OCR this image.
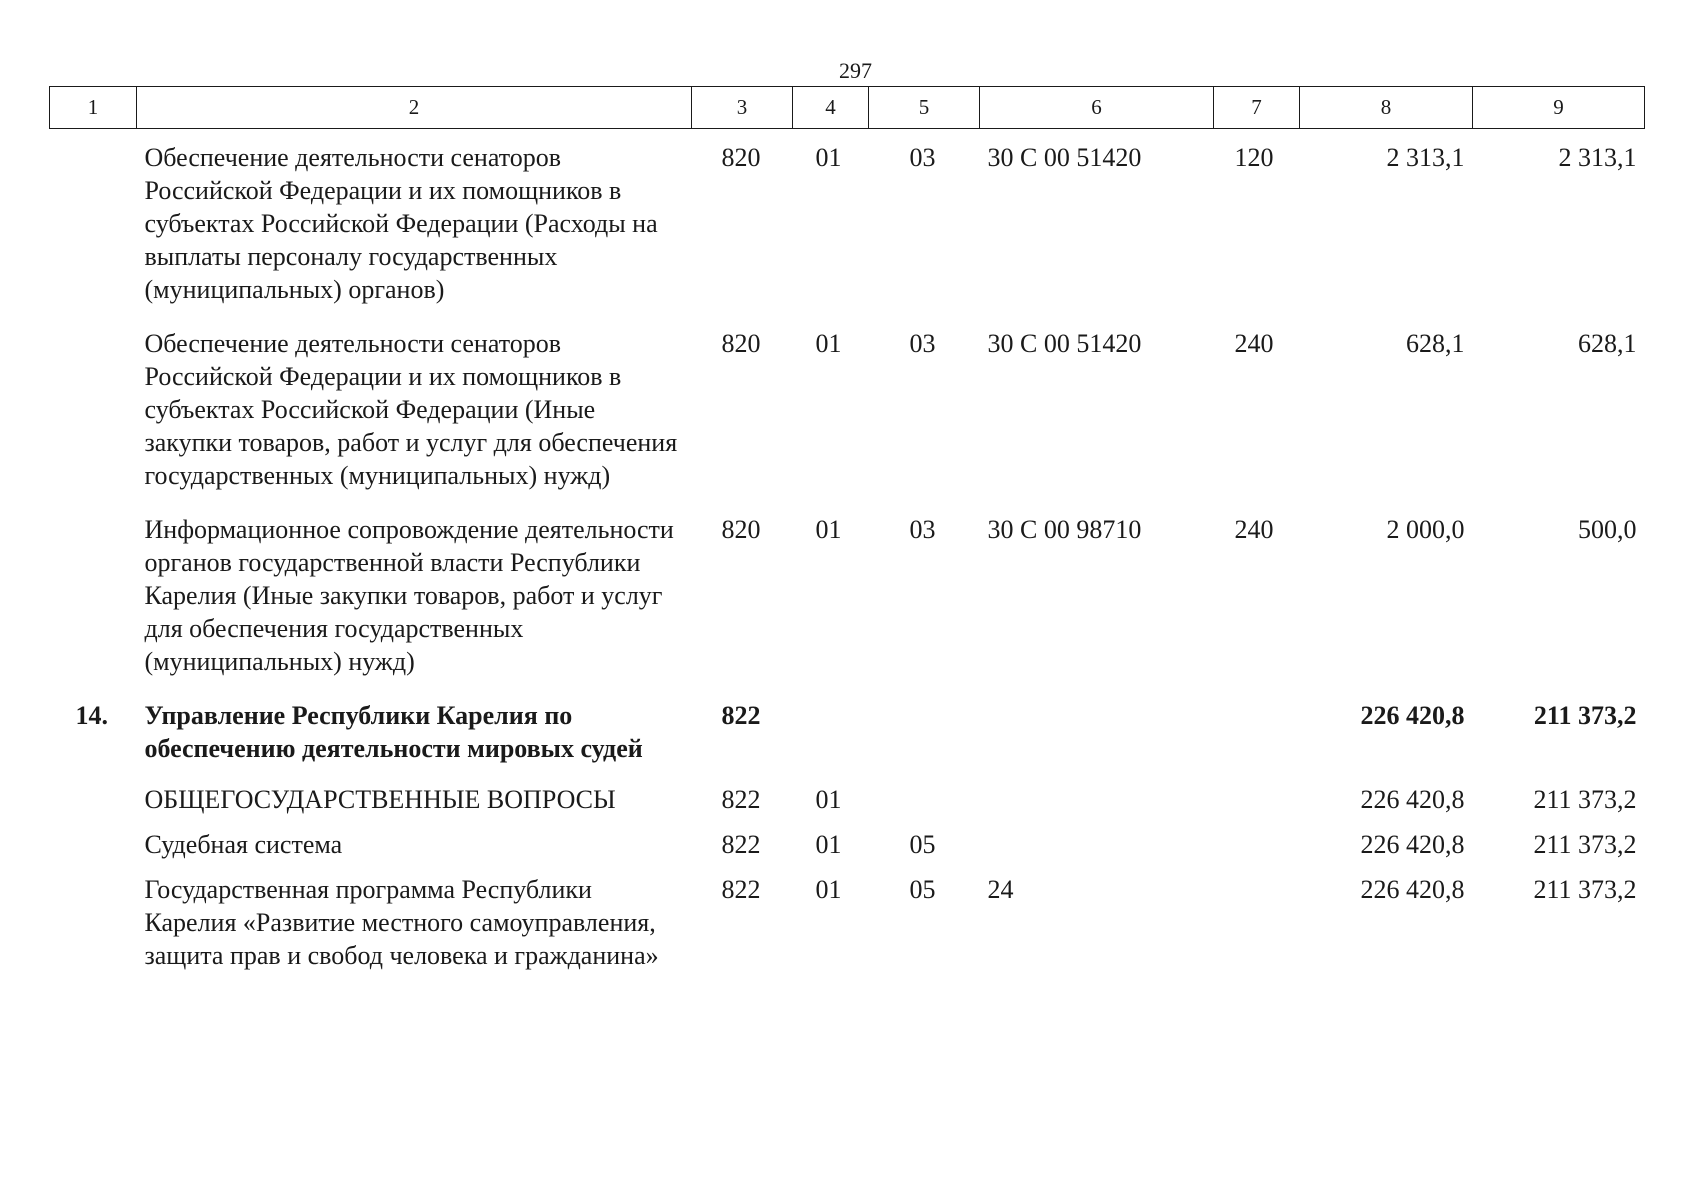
297
1	2	3	4	5	6	7	8	9
	Обеспечение деятельности сенаторов Российской Федерации и их помощников в субъектах Российской Федерации (Расходы на выплаты персоналу государственных (муниципальных) органов)	820	01	03	30 С 00 51420	120	2 313,1	2 313,1
	Обеспечение деятельности сенаторов Российской Федерации и их помощников в субъектах Российской Федерации (Иные закупки товаров, работ и услуг для обеспечения государственных (муниципальных) нужд)	820	01	03	30 С 00 51420	240	628,1	628,1
	Информационное сопровождение деятельности органов государственной власти Республики Карелия (Иные закупки товаров, работ и услуг для обеспечения государственных (муниципальных) нужд)	820	01	03	30 С 00 98710	240	2 000,0	500,0
14.	Управление Республики Карелия по обеспечению деятельности мировых судей	822					226 420,8	211 373,2
	ОБЩЕГОСУДАРСТВЕННЫЕ ВОПРОСЫ	822	01				226 420,8	211 373,2
	Судебная система	822	01	05			226 420,8	211 373,2
	Государственная программа Республики Карелия «Развитие местного самоуправления, защита прав и свобод человека и гражданина»	822	01	05	24		226 420,8	211 373,2
